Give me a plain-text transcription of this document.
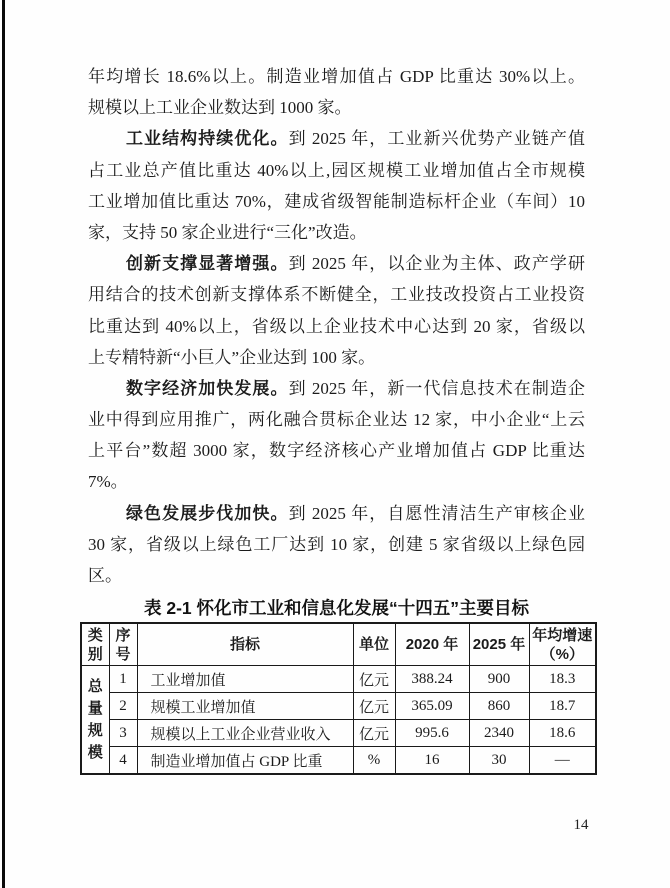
年均增长 18.6%以上。制造业增加值占 GDP 比重达 30%以上。
规模以上工业企业数达到 1000 家。
工业结构持续优化。到 2025 年，工业新兴优势产业链产值
占工业总产值比重达 40%以上,园区规模工业增加值占全市规模
工业增加值比重达 70%，建成省级智能制造标杆企业（车间）10
家，支持 50 家企业进行“三化”改造。
创新支撑显著增强。到 2025 年，以企业为主体、政产学研
用结合的技术创新支撑体系不断健全，工业技改投资占工业投资
比重达到 40%以上，省级以上企业技术中心达到 20 家，省级以
上专精特新“小巨人”企业达到 100 家。
数字经济加快发展。到 2025 年，新一代信息技术在制造企
业中得到应用推广，两化融合贯标企业达 12 家，中小企业“上云
上平台”数超 3000 家，数字经济核心产业增加值占 GDP 比重达
7%。
绿色发展步伐加快。到 2025 年，自愿性清洁生产审核企业
30 家，省级以上绿色工厂达到 10 家，创建 5 家省级以上绿色园
区。
表 2-1 怀化市工业和信息化发展“十四五”主要目标
类别	序号	指标	单位	2020 年	2025 年	年均增速（%）
总量规模	1	工业增加值	亿元	388.24	900	18.3
	2	规模工业增加值	亿元	365.09	860	18.7
	3	规模以上工业企业营业收入	亿元	995.6	2340	18.6
	4	制造业增加值占 GDP 比重	%	16	30	—
14
